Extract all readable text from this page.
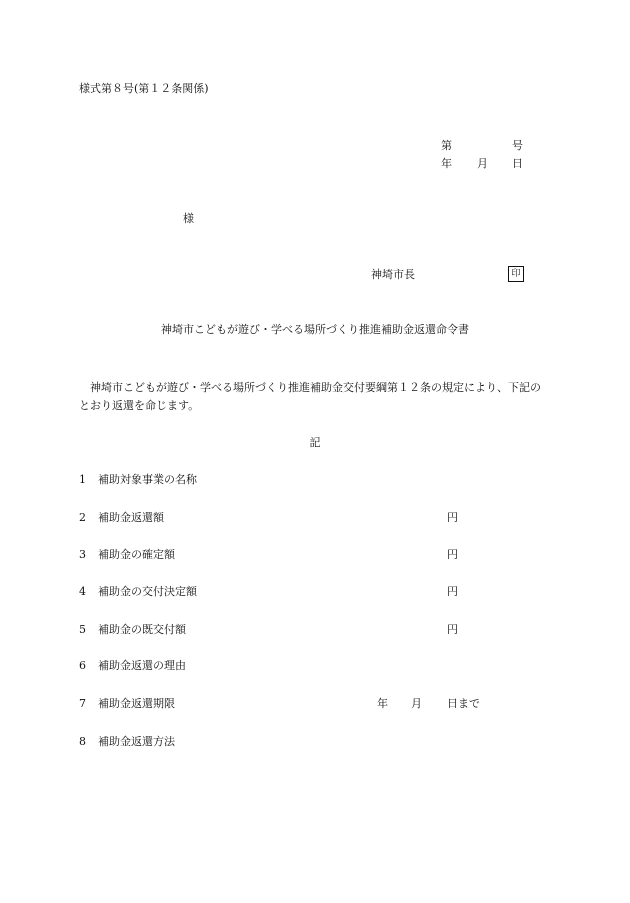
様式第８号(第１２条関係)
第	号
年 月 日
様
神埼市長	印
神埼市こどもが遊び・学べる場所づくり推進補助金返還命令書
神埼市こどもが遊び・学べる場所づくり推進補助金交付要綱第１２条の規定により、下記のとおり返還を命じます。
記
1 補助対象事業の名称
2 補助金返還額	円
3 補助金の確定額	円
4 補助金の交付決定額	円
5 補助金の既交付額	円
6 補助金返還の理由
7 補助金返還期限	年 月 日まで
8 補助金返還方法
